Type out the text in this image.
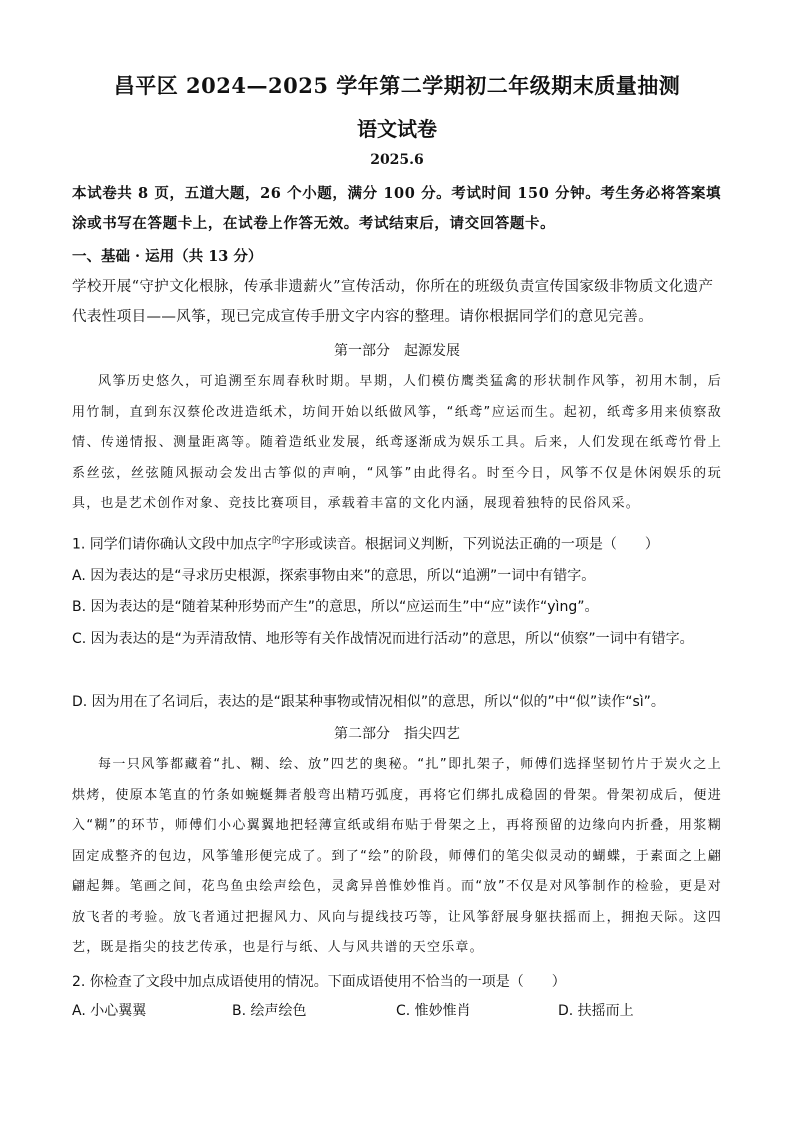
昌平区 2024—2025 学年第二学期初二年级期末质量抽测
语文试卷
2025.6
本试卷共 8 页，五道大题，26 个小题，满分 100 分。考试时间 150 分钟。考生务必将答案填涂或书写在答题卡上，在试卷上作答无效。考试结束后，请交回答题卡。
一、基础 · 运用（共 13 分）
学校开展“守护文化根脉，传承非遗薪火”宣传活动，你所在的班级负责宣传国家级非物质文化遗产代表性项目——风筝，现已完成宣传手册文字内容的整理。请你根据同学们的意见完善。
第一部分　起源发展
风筝历史悠久，可追溯至东周春秋时期。早期，人们模仿鹰类猛禽的形状制作风筝，初用木制，后用竹制，直到东汉蔡伦改进造纸术，坊间开始以纸做风筝，“纸鸢”应运而生。起初，纸鸢多用来侦察敌情、传递情报、测量距离等。随着造纸业发展，纸鸢逐渐成为娱乐工具。后来，人们发现在纸鸢竹骨上系丝弦，丝弦随风振动会发出古筝似的声响，“风筝”由此得名。时至今日，风筝不仅是休闲娱乐的玩具，也是艺术创作对象、竞技比赛项目，承载着丰富的文化内涵，展现着独特的民俗风采。
1. 同学们请你确认文段中加点字$^的$字形或读音。根据词义判断，下列说法正确的一项是（　　）
A. 因为表达的是“寻求历史根源，探索事物由来”的意思，所以“追溯”一词中有错字。
B. 因为表达的是“随着某种形势而产生”的意思，所以“应运而生”中“应”读作“yìng”。
C. 因为表达的是“为弄清敌情、地形等有关作战情况而进行活动”的意思，所以“侦察”一词中有错字。
D. 因为用在了名词后，表达的是“跟某种事物或情况相似”的意思，所以“似的”中“似”读作“sì”。
第二部分　指尖四艺
每一只风筝都藏着“扎、糊、绘、放”四艺的奥秘。“扎”即扎架子，师傅们选择坚韧竹片于炭火之上烘烤，使原本笔直的竹条如蜿蜒舞者般弯出精巧弧度，再将它们绑扎成稳固的骨架。骨架初成后，便进入“糊”的环节，师傅们小心翼翼地把轻薄宣纸或绢布贴于骨架之上，再将预留的边缘向内折叠，用浆糊固定成整齐的包边，风筝雏形便完成了。到了“绘”的阶段，师傅们的笔尖似灵动的蝴蝶，于素面之上翩翩起舞。笔画之间，花鸟鱼虫绘声绘色，灵禽异兽惟妙惟肖。而“放”不仅是对风筝制作的检验，更是对放飞者的考验。放飞者通过把握风力、风向与提线技巧等，让风筝舒展身躯扶摇而上，拥抱天际。这四艺，既是指尖的技艺传承，也是行与纸、人与风共谱的天空乐章。
2. 你检查了文段中加点成语使用的情况。下面成语使用不恰当的一项是（　　）
A. 小心翼翼	B. 绘声绘色	C. 惟妙惟肖	D. 扶摇而上
